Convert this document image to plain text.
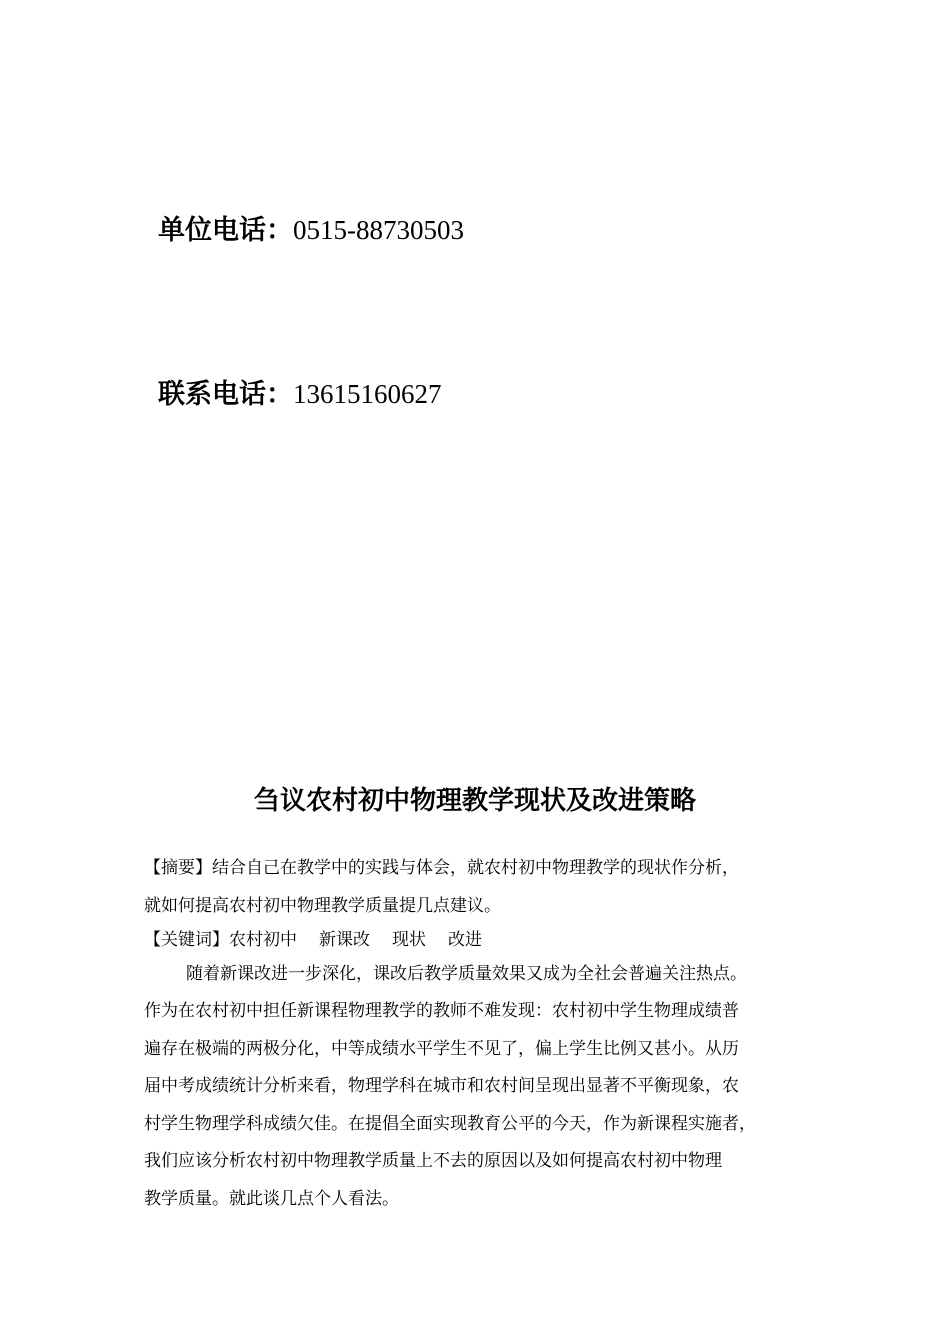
单位电话：0515-88730503
联系电话：13615160627
刍议农村初中物理教学现状及改进策略
【摘要】结合自己在教学中的实践与体会，就农村初中物理教学的现状作分析，
就如何提高农村初中物理教学质量提几点建议。
【关键词】农村初中 新课改 现状 改进
随着新课改进一步深化，课改后教学质量效果又成为全社会普遍关注热点。
作为在农村初中担任新课程物理教学的教师不难发现：农村初中学生物理成绩普
遍存在极端的两极分化，中等成绩水平学生不见了，偏上学生比例又甚小。从历
届中考成绩统计分析来看，物理学科在城市和农村间呈现出显著不平衡现象，农
村学生物理学科成绩欠佳。在提倡全面实现教育公平的今天，作为新课程实施者，
我们应该分析农村初中物理教学质量上不去的原因以及如何提高农村初中物理
教学质量。就此谈几点个人看法。
